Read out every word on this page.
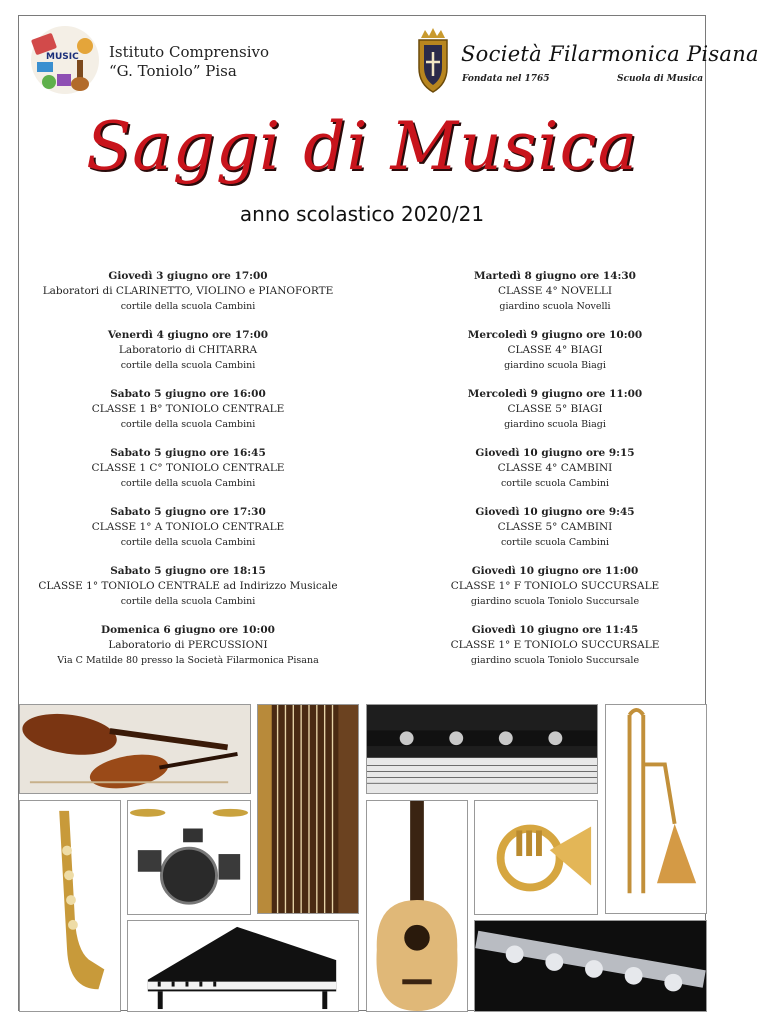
MUSIC Istituto Comprensivo
“G. Toniolo” Pisa
Società Filarmonica Pisana
Fondata nel 1765	Scuola di Musica
Saggi di Musica
anno scolastico 2020/21
Giovedì 3 giugno ore 17:00
Laboratori di CLARINETTO, VIOLINO e PIANOFORTE
cortile della scuola Cambini
Venerdì 4 giugno ore 17:00
Laboratorio di CHITARRA
cortile della scuola Cambini
Sabato 5 giugno ore 16:00
CLASSE 1 B° TONIOLO CENTRALE
cortile della scuola Cambini
Sabato 5 giugno ore 16:45
CLASSE 1 C° TONIOLO CENTRALE
cortile della scuola Cambini
Sabato 5 giugno ore 17:30
CLASSE 1° A TONIOLO CENTRALE
cortile della scuola Cambini
Sabato 5 giugno ore 18:15
CLASSE 1° TONIOLO CENTRALE ad Indirizzo Musicale
cortile della scuola Cambini
Domenica 6 giugno ore 10:00
Laboratorio di PERCUSSIONI
Via C Matilde 80 presso la Società Filarmonica Pisana
Martedì 8 giugno ore 14:30
CLASSE 4° NOVELLI
giardino scuola Novelli
Mercoledì 9 giugno ore 10:00
CLASSE 4° BIAGI
giardino scuola Biagi
Mercoledì 9 giugno ore 11:00
CLASSE 5° BIAGI
giardino scuola Biagi
Giovedì 10 giugno ore 9:15
CLASSE 4° CAMBINI
cortile scuola Cambini
Giovedì 10 giugno ore 9:45
CLASSE 5° CAMBINI
cortile scuola Cambini
Giovedì 10 giugno ore 11:00
CLASSE 1° F TONIOLO SUCCURSALE
giardino scuola Toniolo Succursale
Giovedì 10 giugno ore 11:45
CLASSE 1° E TONIOLO SUCCURSALE
giardino scuola Toniolo Succursale
